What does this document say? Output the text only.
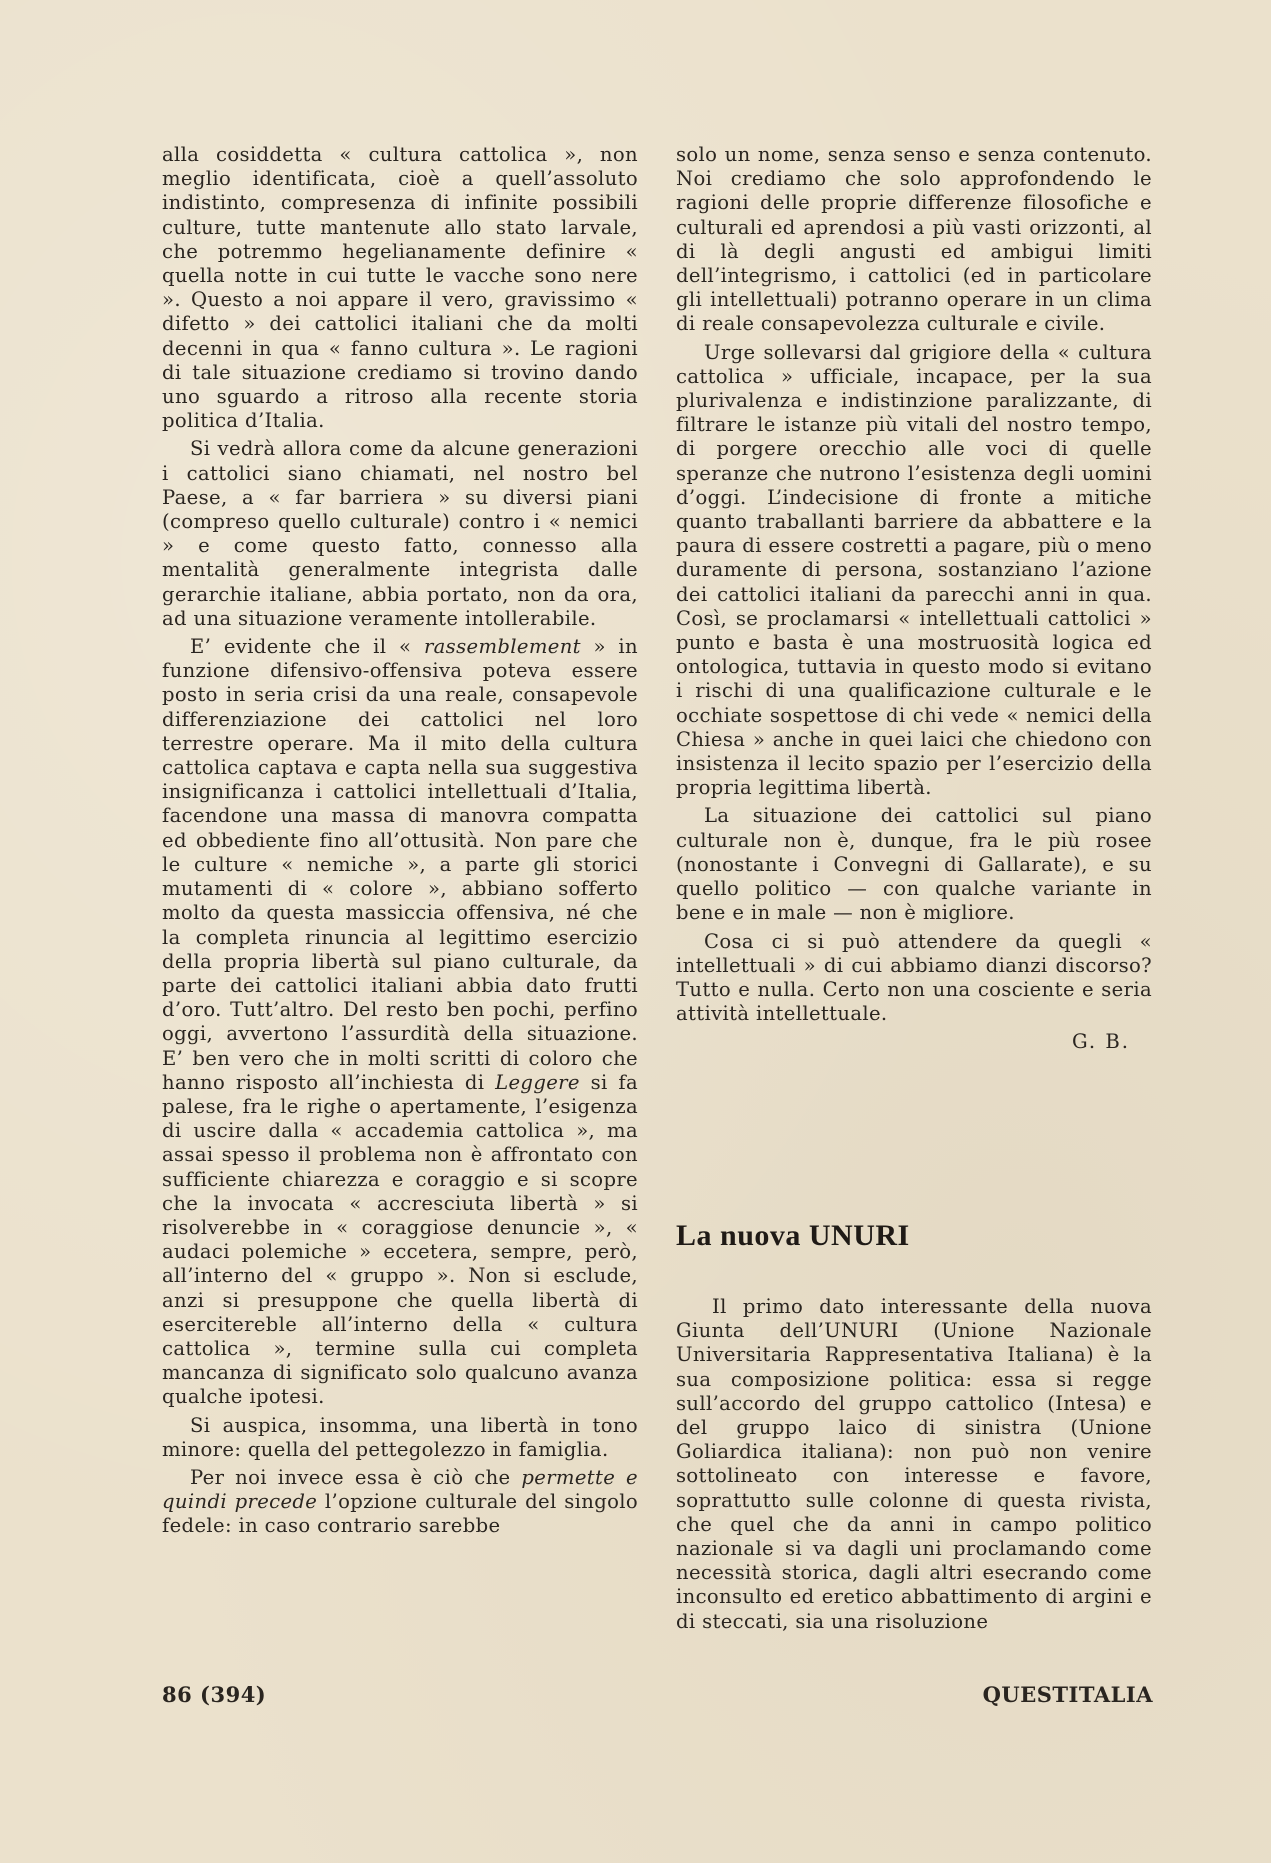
alla cosiddetta « cultura cattolica », non meglio identificata, cioè a quell’assoluto indistinto, compresenza di infinite possibili culture, tutte mantenute allo stato larvale, che potremmo hegelianamente definire « quella notte in cui tutte le vacche sono nere ». Questo a noi appare il vero, gravissimo « difetto » dei cattolici italiani che da molti decenni in qua « fanno cultura ». Le ragioni di tale situazione crediamo si trovino dando uno sguardo a ritroso alla recente storia politica d’Italia.

Si vedrà allora come da alcune generazioni i cattolici siano chiamati, nel nostro bel Paese, a « far barriera » su diversi piani (compreso quello culturale) contro i « nemici » e come questo fatto, connesso alla mentalità generalmente integrista dalle gerarchie italiane, abbia portato, non da ora, ad una situazione veramente intollerabile.

E’ evidente che il « rassemblement » in funzione difensivo-offensiva poteva essere posto in seria crisi da una reale, consapevole differenziazione dei cattolici nel loro terrestre operare. Ma il mito della cultura cattolica captava e capta nella sua suggestiva insignificanza i cattolici intellettuali d’Italia, facendone una massa di manovra compatta ed obbediente fino all’ottusità. Non pare che le culture « nemiche », a parte gli storici mutamenti di « colore », abbiano sofferto molto da questa massiccia offensiva, né che la completa rinuncia al legittimo esercizio della propria libertà sul piano culturale, da parte dei cattolici italiani abbia dato frutti d’oro. Tutt’altro. Del resto ben pochi, perfino oggi, avvertono l’assurdità della situazione. E’ ben vero che in molti scritti di coloro che hanno risposto all’inchiesta di Leggere si fa palese, fra le righe o apertamente, l’esigenza di uscire dalla « accademia cattolica », ma assai spesso il problema non è affrontato con sufficiente chiarezza e coraggio e si scopre che la invocata « accresciuta libertà » si risolverebbe in « coraggiose denuncie », « audaci polemiche » eccetera, sempre, però, all’interno del « gruppo ». Non si esclude, anzi si presuppone che quella libertà di esercitereble all’interno della « cultura cattolica », termine sulla cui completa mancanza di significato solo qualcuno avanza qualche ipotesi.

Si auspica, insomma, una libertà in tono minore: quella del pettegolezzo in famiglia.

Per noi invece essa è ciò che permette e quindi precede l’opzione culturale del singolo fedele: in caso contrario sarebbe

solo un nome, senza senso e senza contenuto. Noi crediamo che solo approfondendo le ragioni delle proprie differenze filosofiche e culturali ed aprendosi a più vasti orizzonti, al di là degli angusti ed ambigui limiti dell’integrismo, i cattolici (ed in particolare gli intellettuali) potranno operare in un clima di reale consapevolezza culturale e civile.

Urge sollevarsi dal grigiore della « cultura cattolica » ufficiale, incapace, per la sua plurivalenza e indistinzione paralizzante, di filtrare le istanze più vitali del nostro tempo, di porgere orecchio alle voci di quelle speranze che nutrono l’esistenza degli uomini d’oggi. L’indecisione di fronte a mitiche quanto traballanti barriere da abbattere e la paura di essere costretti a pagare, più o meno duramente di persona, sostanziano l’azione dei cattolici italiani da parecchi anni in qua. Così, se proclamarsi « intellettuali cattolici » punto e basta è una mostruosità logica ed ontologica, tuttavia in questo modo si evitano i rischi di una qualificazione culturale e le occhiate sospettose di chi vede « nemici della Chiesa » anche in quei laici che chiedono con insistenza il lecito spazio per l’esercizio della propria legittima libertà.

La situazione dei cattolici sul piano culturale non è, dunque, fra le più rosee (nonostante i Convegni di Gallarate), e su quello politico — con qualche variante in bene e in male — non è migliore.

Cosa ci si può attendere da quegli « intellettuali » di cui abbiamo dianzi discorso? Tutto e nulla. Certo non una cosciente e seria attività intellettuale.

G. B.

La nuova UNURI

Il primo dato interessante della nuova Giunta dell’UNURI (Unione Nazionale Universitaria Rappresentativa Italiana) è la sua composizione politica: essa si regge sull’accordo del gruppo cattolico (Intesa) e del gruppo laico di sinistra (Unione Goliardica italiana): non può non venire sottolineato con interesse e favore, soprattutto sulle colonne di questa rivista, che quel che da anni in campo politico nazionale si va dagli uni proclamando come necessità storica, dagli altri esecrando come inconsulto ed eretico abbattimento di argini e di steccati, sia una risoluzione

86 (394)	QUESTITALIA
